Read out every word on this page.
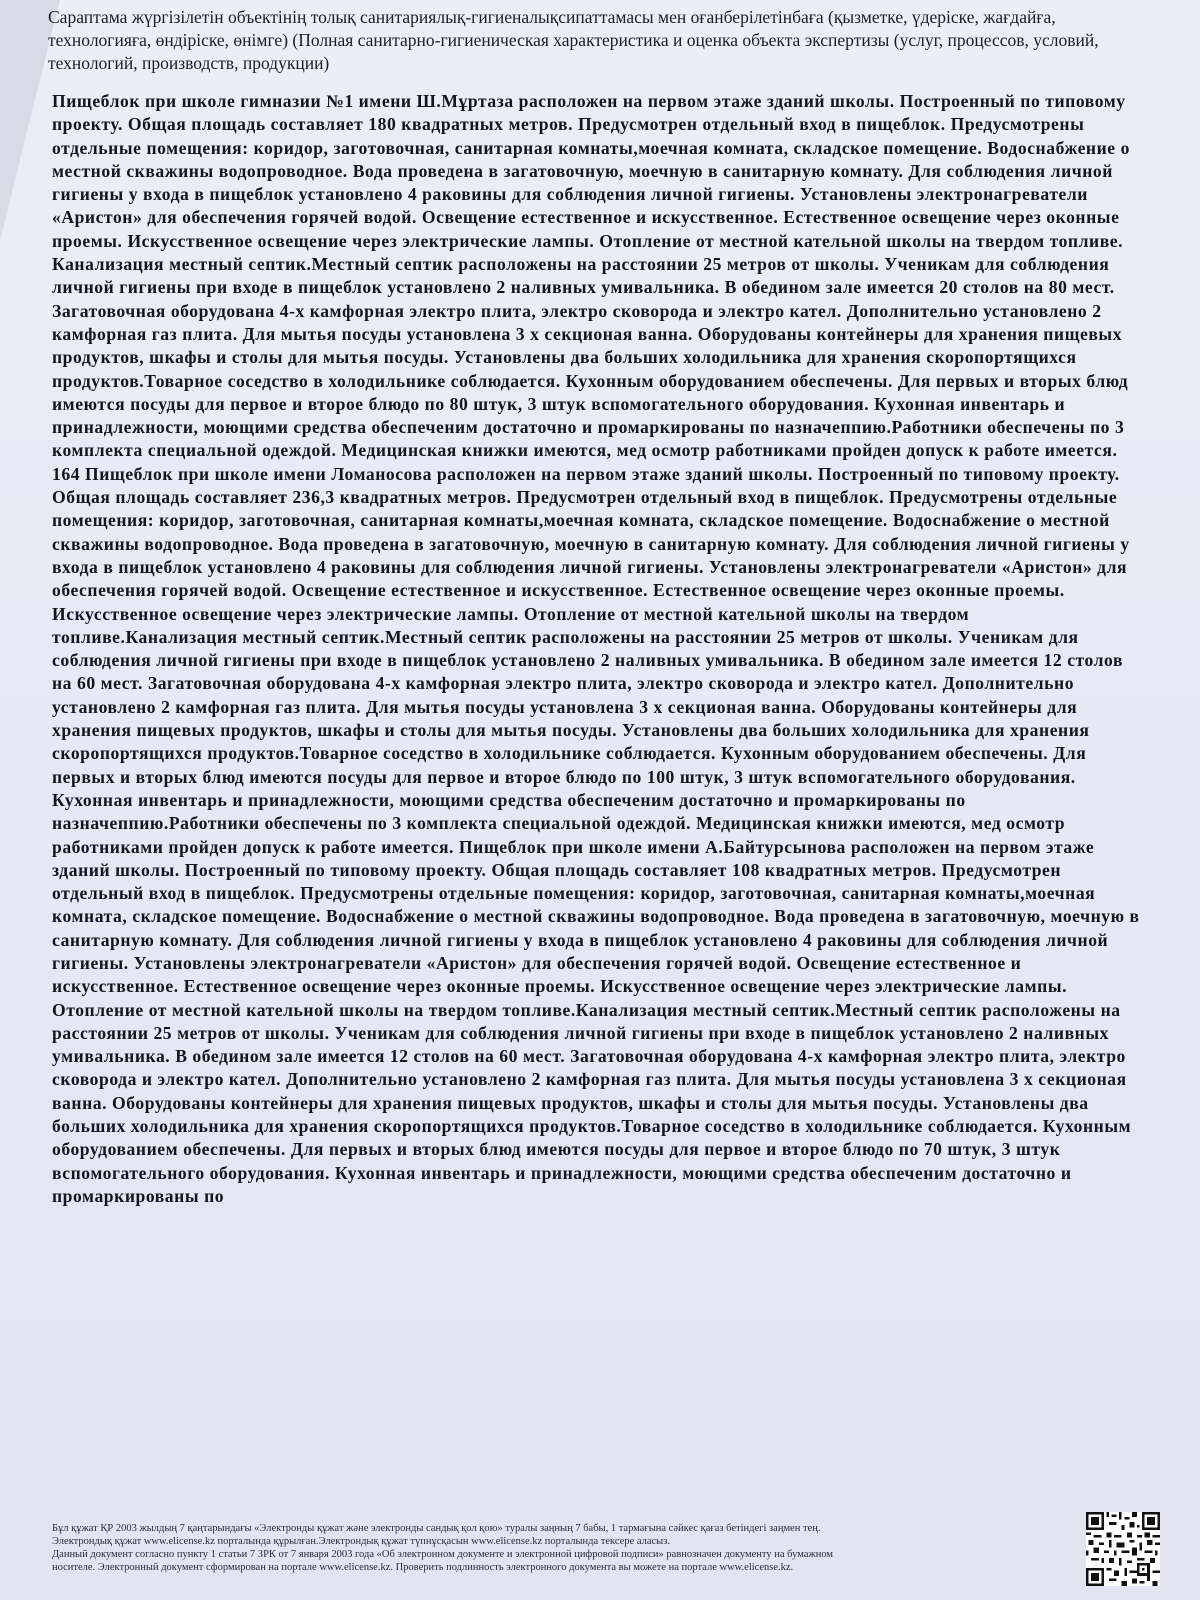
Сараптама жүргізілетін объектінің толық санитариялық-гигиеналықсипаттамасы мен оғанберілетінбаға (қызметке, үдеріске, жағдайға, технологияға, өндіріске, өнімге) (Полная санитарно-гигиеническая характеристика и оценка объекта экспертизы (услуг, процессов, условий, технологий, производств, продукции)

Пищеблок при школе гимназии №1 имени Ш.Мұртаза расположен на первом этаже зданий школы. Построенный по типовому проекту. Общая площадь составляет 180 квадратных метров. Предусмотрен отдельный вход в пищеблок. Предусмотрены отдельные помещения: коридор, заготовочная, санитарная комнаты,моечная комната, складское помещение. Водоснабжение о местной скважины водопроводное. Вода проведена в загатовочную, моечную в санитарную комнату. Для соблюдения личной гигиены у входа в пищеблок установлено 4 раковины для соблюдения личной гигиены. Установлены электронагреватели «Аристон» для обеспечения горячей водой. Освещение естественное и искусственное. Естественное освещение через оконные проемы. Искусственное освещение через электрические лампы. Отопление от местной кательной школы на твердом топливе. Канализация местный септик.Местный септик расположены на расстоянии 25 метров от школы. Ученикам для соблюдения личной гигиены при входе в пищеблок установлено 2 наливных умивальника. В обедином зале имеется 20 столов на 80 мест. Загатовочная оборудована 4-х камфорная электро плита, электро сковорода и электро кател. Дополнительно установлено 2 камфорная газ плита. Для мытья посуды установлена 3 х секционая ванна. Оборудованы контейнеры для хранения пищевых продуктов, шкафы и столы для мытья посуды. Установлены два больших холодильника для хранения скоропортящихся продуктов.Товарное соседство в холодильнике соблюдается. Кухонным оборудованием обеспечены. Для первых и вторых блюд имеются посуды для первое и второе блюдо по 80 штук, 3 штук вспомогательного оборудования. Кухонная инвентарь и принадлежности, моющими средства обеспеченим достаточно и промаркированы по назначеппию.Работники обеспечены по 3 комплекта специальной одеждой. Медицинская книжки имеются, мед осмотр работниками пройден допуск к работе имеется. 164 Пищеблок при школе имени Ломаносова расположен на первом этаже зданий школы. Построенный по типовому проекту. Общая площадь составляет 236,3 квадратных метров. Предусмотрен отдельный вход в пищеблок. Предусмотрены отдельные помещения: коридор, заготовочная, санитарная комнаты,моечная комната, складское помещение. Водоснабжение о местной скважины водопроводное. Вода проведена в загатовочную, моечную в санитарную комнату. Для соблюдения личной гигиены у входа в пищеблок установлено 4 раковины для соблюдения личной гигиены. Установлены электронагреватели «Аристон» для обеспечения горячей водой. Освещение естественное и искусственное. Естественное освещение через оконные проемы. Искусственное освещение через электрические лампы. Отопление от местной кательной школы на твердом топливе.Канализация местный септик.Местный септик расположены на расстоянии 25 метров от школы. Ученикам для соблюдения личной гигиены при входе в пищеблок установлено 2 наливных умивальника. В обедином зале имеется 12 столов на 60 мест. Загатовочная оборудована 4-х камфорная электро плита, электро сковорода и электро кател. Дополнительно установлено 2 камфорная газ плита. Для мытья посуды установлена 3 х секционая ванна. Оборудованы контейнеры для хранения пищевых продуктов, шкафы и столы для мытья посуды. Установлены два больших холодильника для хранения скоропортящихся продуктов.Товарное соседство в холодильнике соблюдается. Кухонным оборудованием обеспечены. Для первых и вторых блюд имеются посуды для первое и второе блюдо по 100 штук, 3 штук вспомогательного оборудования. Кухонная инвентарь и принадлежности, моющими средства обеспеченим достаточно и промаркированы по назначеппию.Работники обеспечены по 3 комплекта специальной одеждой. Медицинская книжки имеются, мед осмотр работниками пройден допуск к работе имеется. Пищеблок при школе имени А.Байтурсынова расположен на первом этаже зданий школы. Построенный по типовому проекту. Общая площадь составляет 108 квадратных метров. Предусмотрен отдельный вход в пищеблок. Предусмотрены отдельные помещения: коридор, заготовочная, санитарная комнаты,моечная комната, складское помещение. Водоснабжение о местной скважины водопроводное. Вода проведена в загатовочную, моечную в санитарную комнату. Для соблюдения личной гигиены у входа в пищеблок установлено 4 раковины для соблюдения личной гигиены. Установлены электронагреватели «Аристон» для обеспечения горячей водой. Освещение естественное и искусственное. Естественное освещение через оконные проемы. Искусственное освещение через электрические лампы. Отопление от местной кательной школы на твердом топливе.Канализация местный септик.Местный септик расположены на расстоянии 25 метров от школы. Ученикам для соблюдения личной гигиены при входе в пищеблок установлено 2 наливных умивальника. В обедином зале имеется 12 столов на 60 мест. Загатовочная оборудована 4-х камфорная электро плита, электро сковорода и электро кател. Дополнительно установлено 2 камфорная газ плита. Для мытья посуды установлена 3 х секционая ванна. Оборудованы контейнеры для хранения пищевых продуктов, шкафы и столы для мытья посуды. Установлены два больших холодильника для хранения скоропортящихся продуктов.Товарное соседство в холодильнике соблюдается. Кухонным оборудованием обеспечены. Для первых и вторых блюд имеются посуды для первое и второе блюдо по 70 штук, 3 штук вспомогательного оборудования. Кухонная инвентарь и принадлежности, моющими средства обеспеченим достаточно и промаркированы по

Бұл құжат ҚР 2003 жылдың 7 қаңтарындағы «Электронды құжат және электронды сандық қол қою» туралы заңның 7 бабы, 1 тармағына сәйкес қағаз бетіндегі заңмен тең.

Электрондық құжат www.elicense.kz порталында құрылған.Электрондық құжат түпнұсқасын www.elicense.kz порталында тексере аласыз.

Данный документ согласно пункту 1 статьи 7 ЗРК от 7 января 2003 года «Об электронном документе и электронной цифровой подписи» равнозначен документу на бумажном

носителе. Электронный документ сформирован на портале www.elicense.kz. Проверить подлинность электронного документа вы можете на портале www.elicense.kz.
